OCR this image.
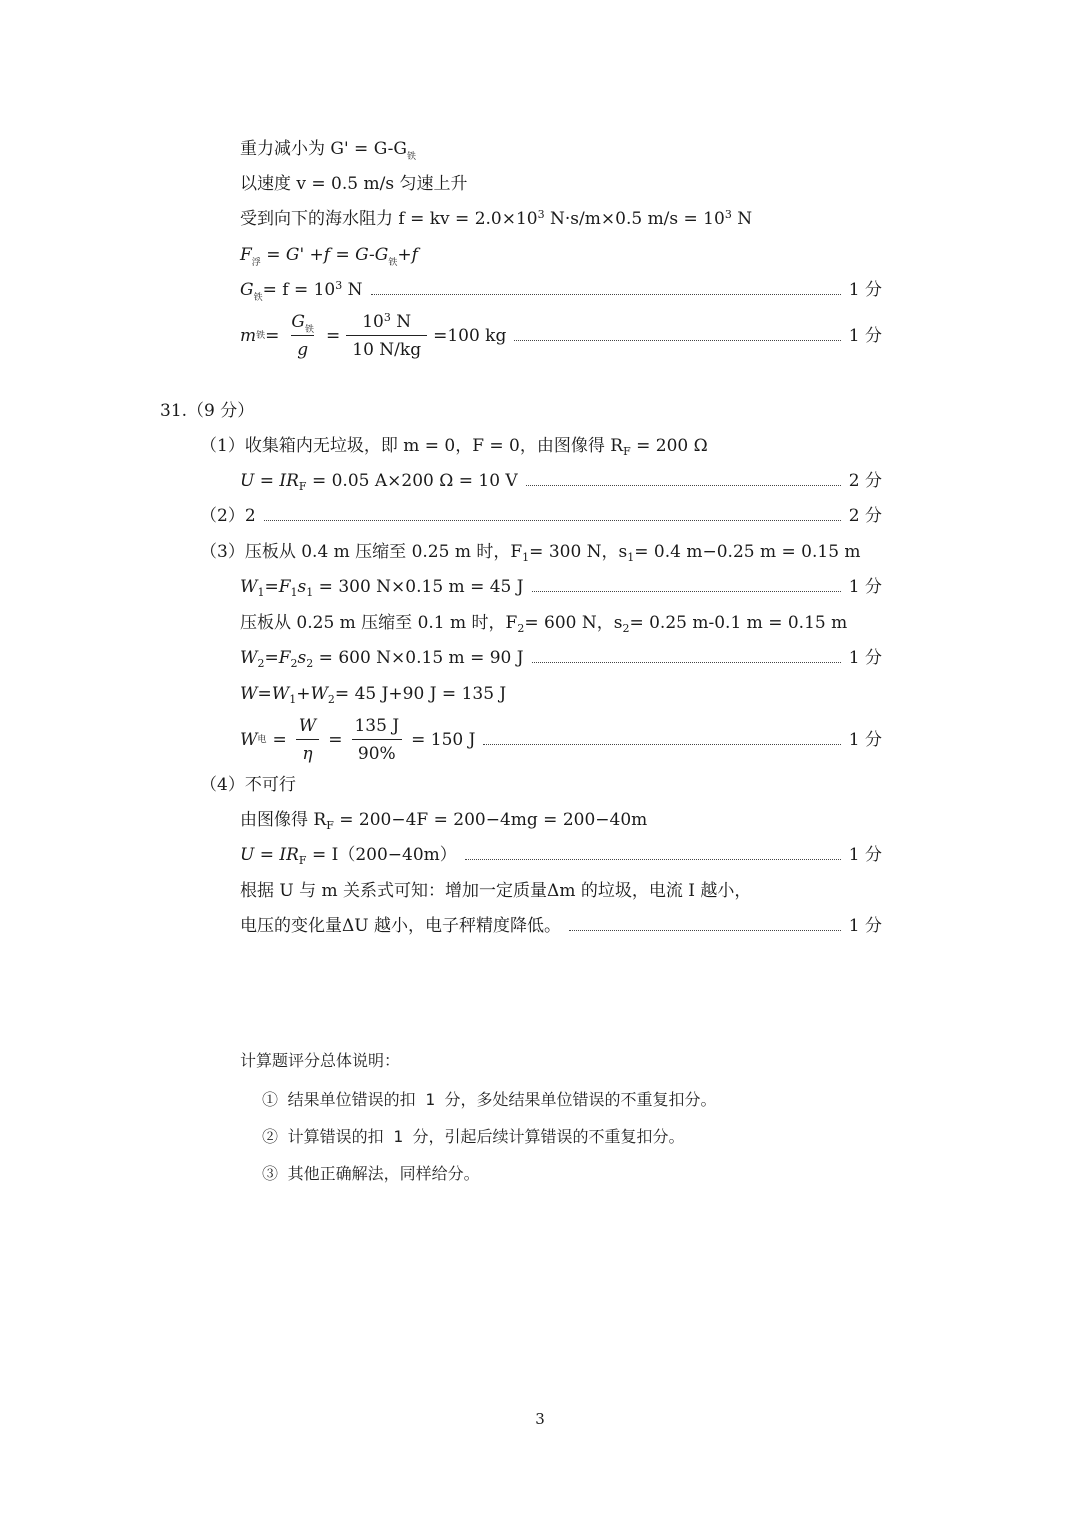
重力减小为 $G' = G-G_铁$
以速度 v = 0.5 m/s 匀速上升
受到向下的海水阻力 f = kv = $2.0\times 10^3$ N·s/m×0.5 $m/s = 10^3$ N
$F_浮 = G' +f = G-G_铁+f$
$G_铁= f = 10^3$ N	1 分
m 铁 = $\frac{G_铁}{g} = \frac{10^3 N}{10 N/kg} =100$ kg	1 分
31.（9 分）
（1）收集箱内无垃圾，即 m = 0，F = 0，由图像得 $R_F = 200$ Ω
$U = IR_F = 0.05$ A×200 Ω = 10 V	2 分
（2）2	2 分
（3）压板从 0.4 m 压缩至 0.25 m 时，$F_1= 300$ N，$s_1= 0.4$ m−0.25 m = 0.15 m
$W_1=F_1s_1 = 300$ N×0.15 m = 45 J	1 分
压板从 0.25 m 压缩至 0.1 m 时，$F_2= 600$ N，$s_2= 0.25$ m-0.1 m = 0.15 m
$W_2=F_2s_2 = 600$ N×0.15 m = 90 J	1 分
$W=W_1+W_2= 45$ J+90 J = 135 J
W 电 = $\frac{W}{\eta} = \frac{135 J}{90\%} = 150$ J	1 分
（4）不可行
由图像得 $R_F = 200-4F = 200-4mg = 200-40m$
$U = IR_F = I(200-40m)$	1 分
根据 U 与 m 关系式可知：增加一定质量Δm 的垃圾，电流 I 越小，
电压的变化量ΔU 越小，电子秤精度降低。	1 分
计算题评分总体说明：
① 结果单位错误的扣 1 分，多处结果单位错误的不重复扣分。
② 计算错误的扣 1 分，引起后续计算错误的不重复扣分。
③ 其他正确解法，同样给分。
3
